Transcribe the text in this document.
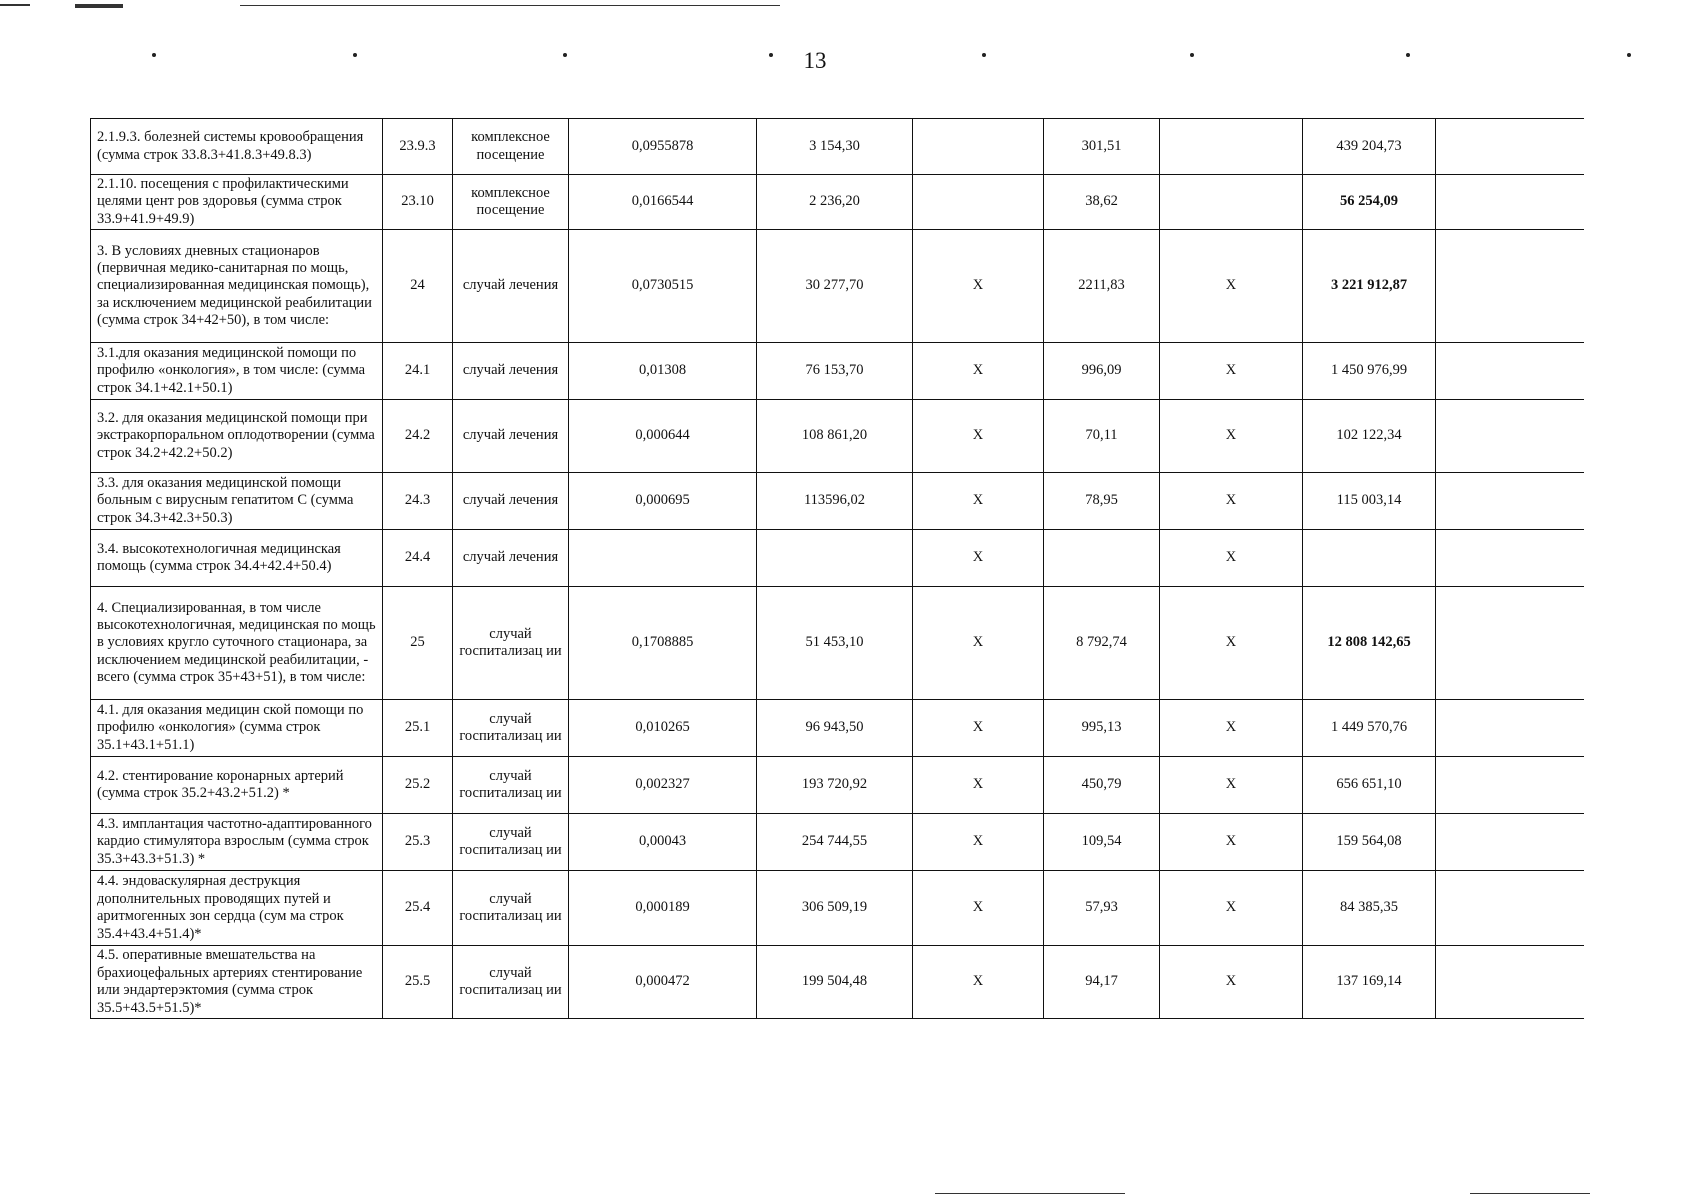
13
2.1.9.3. болезней системы кровообращения (сумма строк 33.8.3+41.8.3+49.8.3)	23.9.3	комплексное посещение	0,0955878	3 154,30		301,51		439 204,73	
2.1.10. посещения с профилактическими целями цент ров здоровья (сумма строк 33.9+41.9+49.9)	23.10	комплексное посещение	0,0166544	2 236,20		38,62		56 254,09	
3. В условиях дневных стационаров (первичная медико-санитарная по мощь, специализированная медицинская помощь), за исключением медицинской реабилитации (сумма строк 34+42+50), в том числе:	24	случай лечения	0,0730515	30 277,70	Х	2211,83	Х	3 221 912,87	
3.1.для оказания медицинской помощи по профилю «онкология», в том числе: (сумма строк 34.1+42.1+50.1)	24.1	случай лечения	0,01308	76 153,70	Х	996,09	Х	1 450 976,99	
3.2. для оказания медицинской помощи при экстракорпоральном оплодотворении (сумма строк 34.2+42.2+50.2)	24.2	случай лечения	0,000644	108 861,20	Х	70,11	Х	102 122,34	
3.3. для оказания медицинской помощи больным с вирусным гепатитом С (сумма строк 34.3+42.3+50.3)	24.3	случай лечения	0,000695	113596,02	Х	78,95	Х	115 003,14	
3.4. высокотехнологичная медицинская помощь (сумма строк 34.4+42.4+50.4)	24.4	случай лечения			Х		Х		
4. Специализированная, в том числе высокотехнологичная, медицинская по мощь в условиях кругло суточного стационара, за исключением медицинской реабилитации, - всего (сумма строк 35+43+51), в том числе:	25	случай госпитализац ии	0,1708885	51 453,10	Х	8 792,74	Х	12 808 142,65	
4.1. для оказания медицин ской помощи по профилю «онкология» (сумма строк 35.1+43.1+51.1)	25.1	случай госпитализац ии	0,010265	96 943,50	Х	995,13	Х	1 449 570,76	
4.2. стентирование коронарных артерий (сумма строк 35.2+43.2+51.2) *	25.2	случай госпитализац ии	0,002327	193 720,92	Х	450,79	Х	656 651,10	
4.3. имплантация частотно-адаптированного кардио стимулятора взрослым (сумма строк 35.3+43.3+51.3) *	25.3	случай госпитализац ии	0,00043	254 744,55	Х	109,54	Х	159 564,08	
4.4. эндоваскулярная деструкция дополнительных проводящих путей и аритмогенных зон сердца (сум ма строк 35.4+43.4+51.4)*	25.4	случай госпитализац ии	0,000189	306 509,19	Х	57,93	Х	84 385,35	
4.5. оперативные вмешательства на брахиоцефальных артериях стентирование или эндартерэктомия (сумма строк 35.5+43.5+51.5)*	25.5	случай госпитализац ии	0,000472	199 504,48	Х	94,17	Х	137 169,14	
